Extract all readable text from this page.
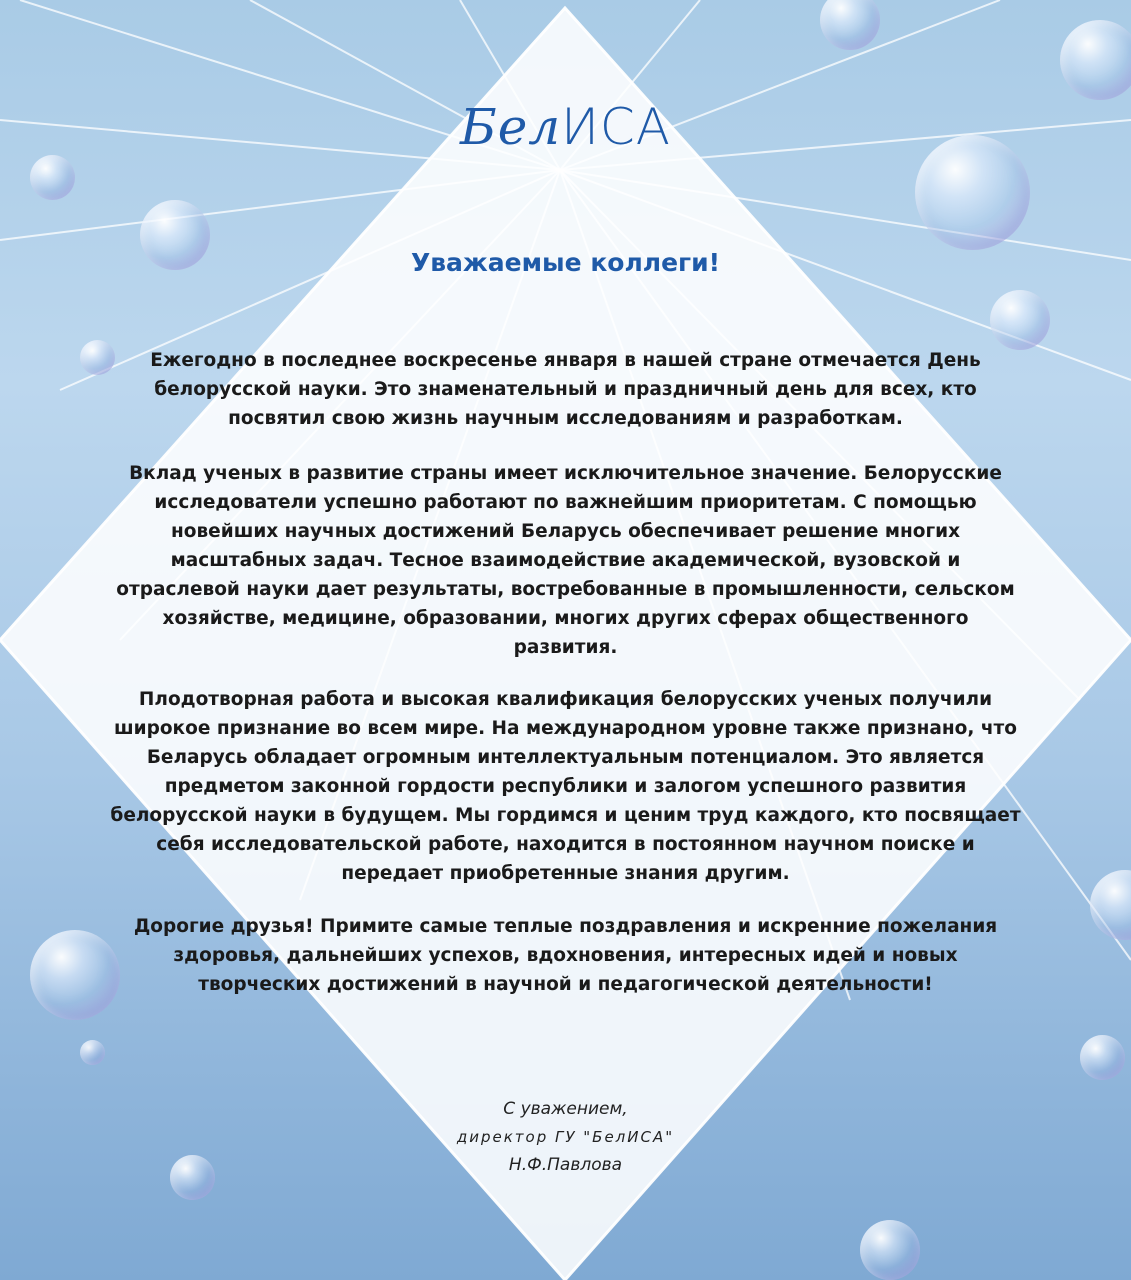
БелИСА
Уважаемые коллеги!
Ежегодно в последнее воскресенье января в нашей стране отмечается День белорусской науки. Это знаменательный и праздничный день для всех, кто посвятил свою жизнь научным исследованиям и разработкам.
Вклад ученых в развитие страны имеет исключительное значение. Белорусские исследователи успешно работают по важнейшим приоритетам. С помощью новейших научных достижений Беларусь обеспечивает решение многих масштабных задач. Тесное взаимодействие академической, вузовской и отраслевой науки дает результаты, востребованные в промышленности, сельском хозяйстве, медицине, образовании, многих других сферах общественного развития.
Плодотворная работа и высокая квалификация белорусских ученых получили широкое признание во всем мире. На международном уровне также признано, что Беларусь обладает огромным интеллектуальным потенциалом. Это является предметом законной гордости республики и залогом успешного развития белорусской науки в будущем. Мы гордимся и ценим труд каждого, кто посвящает себя исследовательской работе, находится в постоянном научном поиске и передает приобретенные знания другим.
Дорогие друзья! Примите самые теплые поздравления и искренние пожелания здоровья, дальнейших успехов, вдохновения, интересных идей и новых творческих достижений в научной и педагогической деятельности!
С уважением,
директор ГУ "БелИСА"
Н.Ф.Павлова
